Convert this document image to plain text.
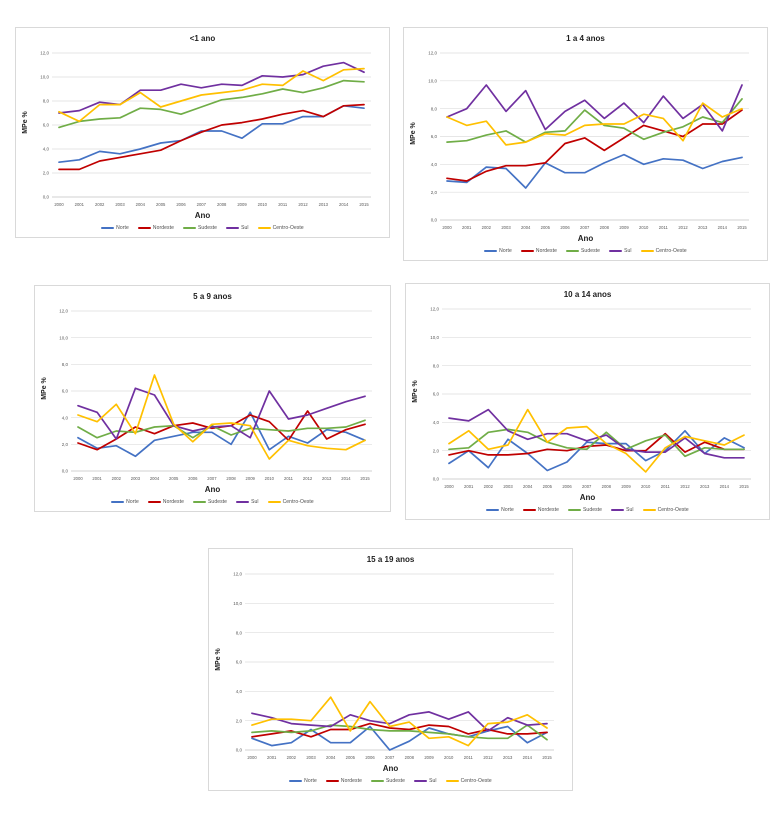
<1 ano
0,0
2,0
4,0
6,0
8,0
10,0
12,0
2000	2001	2002	2003	2004	2005	2006	2007	2008	2009	2010	2011	2012	2013	2014	2015
MPe %
Ano
Norte	Nordeste	Sudeste	Sul	Centro-Oeste
1 a 4 anos
0,0
2,0
4,0
6,0
8,0
10,0
12,0
2000 2001 2002 2003 2004 2005 2006 2007 2008 2009 2010 2011	2012 2013 2014 2015
MPe %
Ano
Norte	Nordeste	Sudeste	Sul	Centro-Oeste
5 a 9 anos
0,0
2,0
4,0
6,0
8,0
10,0
12,0
2000 2001 2002 2003 2004 2005 2006 2007 2008 2009 2010 2011 2012 2013 2014 2015
MPe %
Ano
Norte	Nordeste	Sudeste	Sul	Centro-Oeste
10 a 14 anos
0,0
2,0
4,0
6,0
8,0
10,0
12,0
2000 2001 2002 2003 2004 2005 2006 2007 2008 2009 2010 2011	2012 2013 2014 2015
MPe %
Ano
Norte	Nordeste	Sudeste	Sul	Centro-Oeste
15 a 19 anos
0,0
2,0
4,0
6,0
8,0
10,0
12,0
2000 2001 2002 2003 2004 2005 2006 2007 2008 2009 2010 2011	2012 2013 2014 2015
MPe %
Ano
Norte	Nordeste	Sudeste	Sul	Centro-Oeste
